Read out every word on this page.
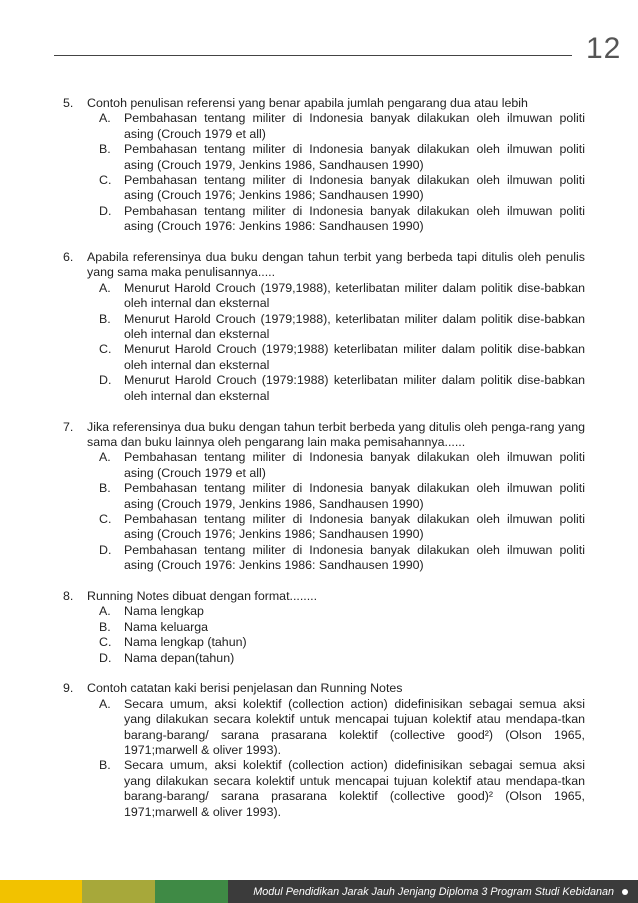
12
5.	Contoh penulisan referensi yang benar apabila jumlah pengarang dua atau lebih
A.	Pembahasan tentang militer di Indonesia banyak dilakukan oleh ilmuwan politi asing (Crouch 1979 et all)
B.	Pembahasan tentang militer di Indonesia banyak dilakukan oleh ilmuwan politi asing (Crouch 1979, Jenkins 1986, Sandhausen 1990)
C.	Pembahasan tentang militer di Indonesia banyak dilakukan oleh ilmuwan politi asing (Crouch 1976; Jenkins 1986; Sandhausen 1990)
D.	Pembahasan tentang militer di Indonesia banyak dilakukan oleh ilmuwan politi asing (Crouch 1976: Jenkins 1986: Sandhausen 1990)
6.	Apabila referensinya dua buku dengan tahun terbit yang berbeda tapi ditulis oleh penulis yang sama maka penulisannya.....
A.	Menurut Harold Crouch (1979,1988), keterlibatan militer dalam politik dise-babkan oleh internal dan eksternal
B.	Menurut Harold Crouch (1979;1988), keterlibatan militer dalam politik dise-babkan oleh internal dan eksternal
C.	Menurut Harold Crouch (1979;1988) keterlibatan militer dalam politik dise-babkan oleh internal dan eksternal
D.	Menurut Harold Crouch (1979:1988) keterlibatan militer dalam politik dise-babkan oleh internal dan eksternal
7.	Jika referensinya dua buku dengan tahun terbit berbeda yang ditulis oleh penga-rang yang sama dan buku lainnya oleh pengarang lain maka pemisahannya......
A.	Pembahasan tentang militer di Indonesia banyak dilakukan oleh ilmuwan politi asing (Crouch 1979 et all)
B.	Pembahasan tentang militer di Indonesia banyak dilakukan oleh ilmuwan politi asing (Crouch 1979, Jenkins 1986, Sandhausen 1990)
C.	Pembahasan tentang militer di Indonesia banyak dilakukan oleh ilmuwan politi asing (Crouch 1976; Jenkins 1986; Sandhausen 1990)
D.	Pembahasan tentang militer di Indonesia banyak dilakukan oleh ilmuwan politi asing (Crouch 1976: Jenkins 1986: Sandhausen 1990)
8.	Running Notes dibuat dengan format........
A.	Nama lengkap
B.	Nama keluarga
C.	Nama lengkap (tahun)
D.	Nama depan(tahun)
9.	Contoh catatan kaki berisi penjelasan dan Running Notes
A.	Secara umum, aksi kolektif (collection action) didefinisikan sebagai semua aksi yang dilakukan secara kolektif untuk mencapai tujuan kolektif atau mendapa-tkan barang-barang/ sarana prasarana kolektif (collective good²) (Olson 1965, 1971;marwell & oliver 1993).
B.	Secara umum, aksi kolektif (collection action) didefinisikan sebagai semua aksi yang dilakukan secara kolektif untuk mencapai tujuan kolektif atau mendapa-tkan barang-barang/ sarana prasarana kolektif (collective good)² (Olson 1965, 1971;marwell & oliver 1993).
Modul Pendidikan Jarak Jauh Jenjang Diploma 3 Program Studi Kebidanan
